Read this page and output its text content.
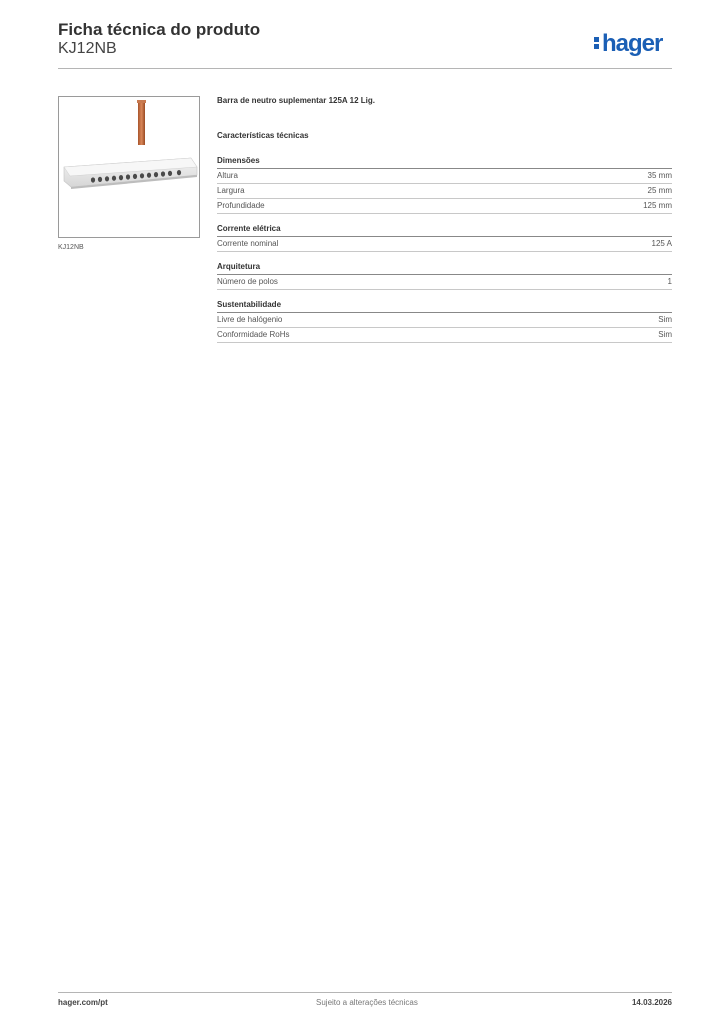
Ficha técnica do produto
KJ12NB	hager
KJ12NB
Barra de neutro suplementar 125A 12 Lig.
Características técnicas
Dimensões
Altura	35 mm
Largura	25 mm
Profundidade	125 mm
Corrente elétrica
Corrente nominal	125 A
Arquitetura
Número de polos	1
Sustentabilidade
Livre de halógenio	Sim
Conformidade RoHs	Sim
hager.com/pt	Sujeito a alterações técnicas	14.03.2026
